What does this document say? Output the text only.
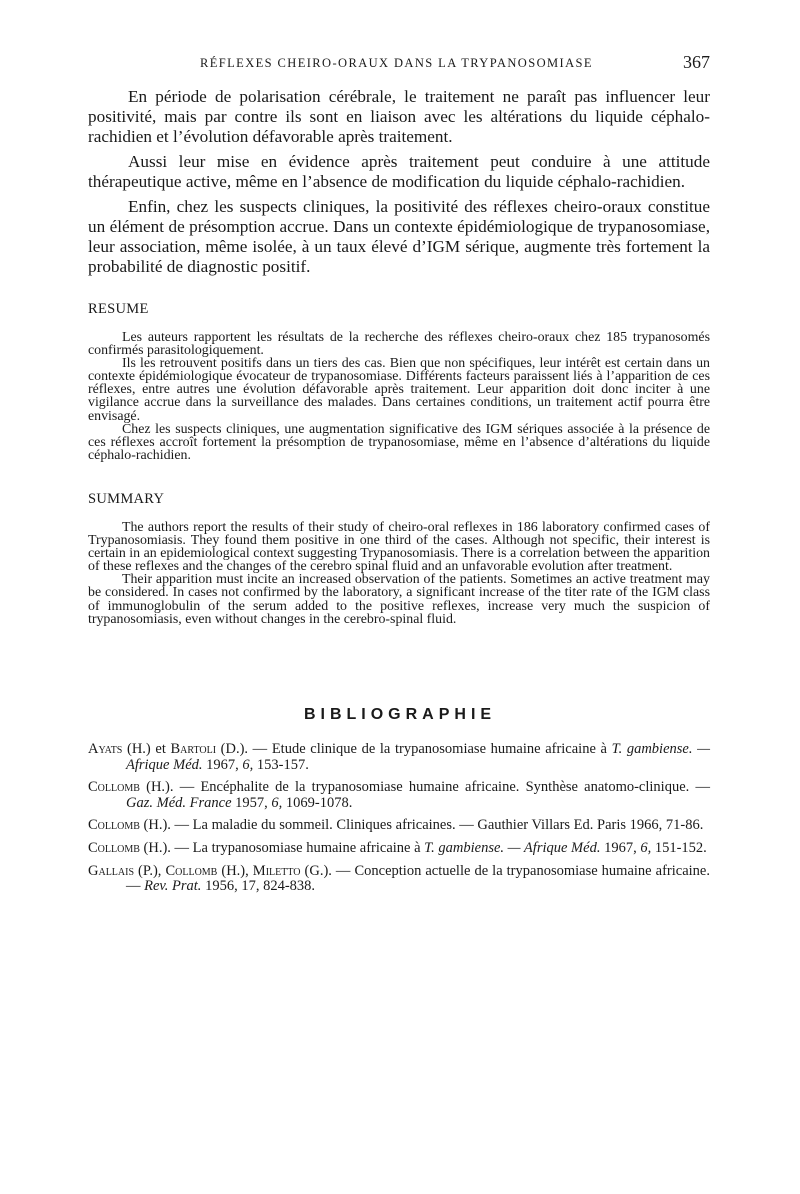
RÉFLEXES CHEIRO-ORAUX DANS LA TRYPANOSOMIASE	367

En période de polarisation cérébrale, le traitement ne paraît pas influencer leur positivité, mais par contre ils sont en liaison avec les altérations du liquide céphalo-rachidien et l’évolution défavorable après traitement.

Aussi leur mise en évidence après traitement peut conduire à une attitude thérapeutique active, même en l’absence de modification du liquide céphalo-rachidien.

Enfin, chez les suspects cliniques, la positivité des réflexes cheiro-oraux constitue un élément de présomption accrue. Dans un contexte épidémiologique de trypanosomiase, leur association, même isolée, à un taux élevé d’IGM sérique, augmente très fortement la probabilité de diagnostic positif.

RESUME

Les auteurs rapportent les résultats de la recherche des réflexes cheiro-oraux chez 185 trypanosomés confirmés parasitologiquement.

Ils les retrouvent positifs dans un tiers des cas. Bien que non spécifiques, leur intérêt est certain dans un contexte épidémiologique évocateur de trypanosomiase. Différents facteurs paraissent liés à l’apparition de ces réflexes, entre autres une évolution défavorable après traitement. Leur apparition doit donc inciter à une vigilance accrue dans la surveillance des malades. Dans certaines conditions, un traitement actif pourra être envisagé.

Chez les suspects cliniques, une augmentation significative des IGM sériques associée à la présence de ces réflexes accroît fortement la présomption de trypanosomiase, même en l’absence d’altérations du liquide céphalo-rachidien.

SUMMARY

The authors report the results of their study of cheiro-oral reflexes in 186 laboratory confirmed cases of Trypanosomiasis. They found them positive in one third of the cases. Although not specific, their interest is certain in an epidemiological context suggesting Trypanosomiasis. There is a correlation between the apparition of these reflexes and the changes of the cerebro spinal fluid and an unfavorable evolution after treatment.

Their apparition must incite an increased observation of the patients. Sometimes an active treatment may be considered. In cases not confirmed by the laboratory, a significant increase of the titer rate of the IGM class of immunoglobulin of the serum added to the positive reflexes, increase very much the suspicion of trypanosomiasis, even without changes in the cerebro-spinal fluid.

BIBLIOGRAPHIE
Ayats (H.) et Bartoli (D.). — Etude clinique de la trypanosomiase humaine africaine à T. gambiense. — Afrique Méd. 1967, 6, 153-157.
Collomb (H.). — Encéphalite de la trypanosomiase humaine africaine. Synthèse anatomo-clinique. — Gaz. Méd. France 1957, 6, 1069-1078.
Collomb (H.). — La maladie du sommeil. Cliniques africaines. — Gauthier Villars Ed. Paris 1966, 71-86.
Collomb (H.). — La trypanosomiase humaine africaine à T. gambiense. — Afrique Méd. 1967, 6, 151-152.
Gallais (P.), Collomb (H.), Miletto (G.). — Conception actuelle de la trypanosomiase humaine africaine. — Rev. Prat. 1956, 17, 824-838.
